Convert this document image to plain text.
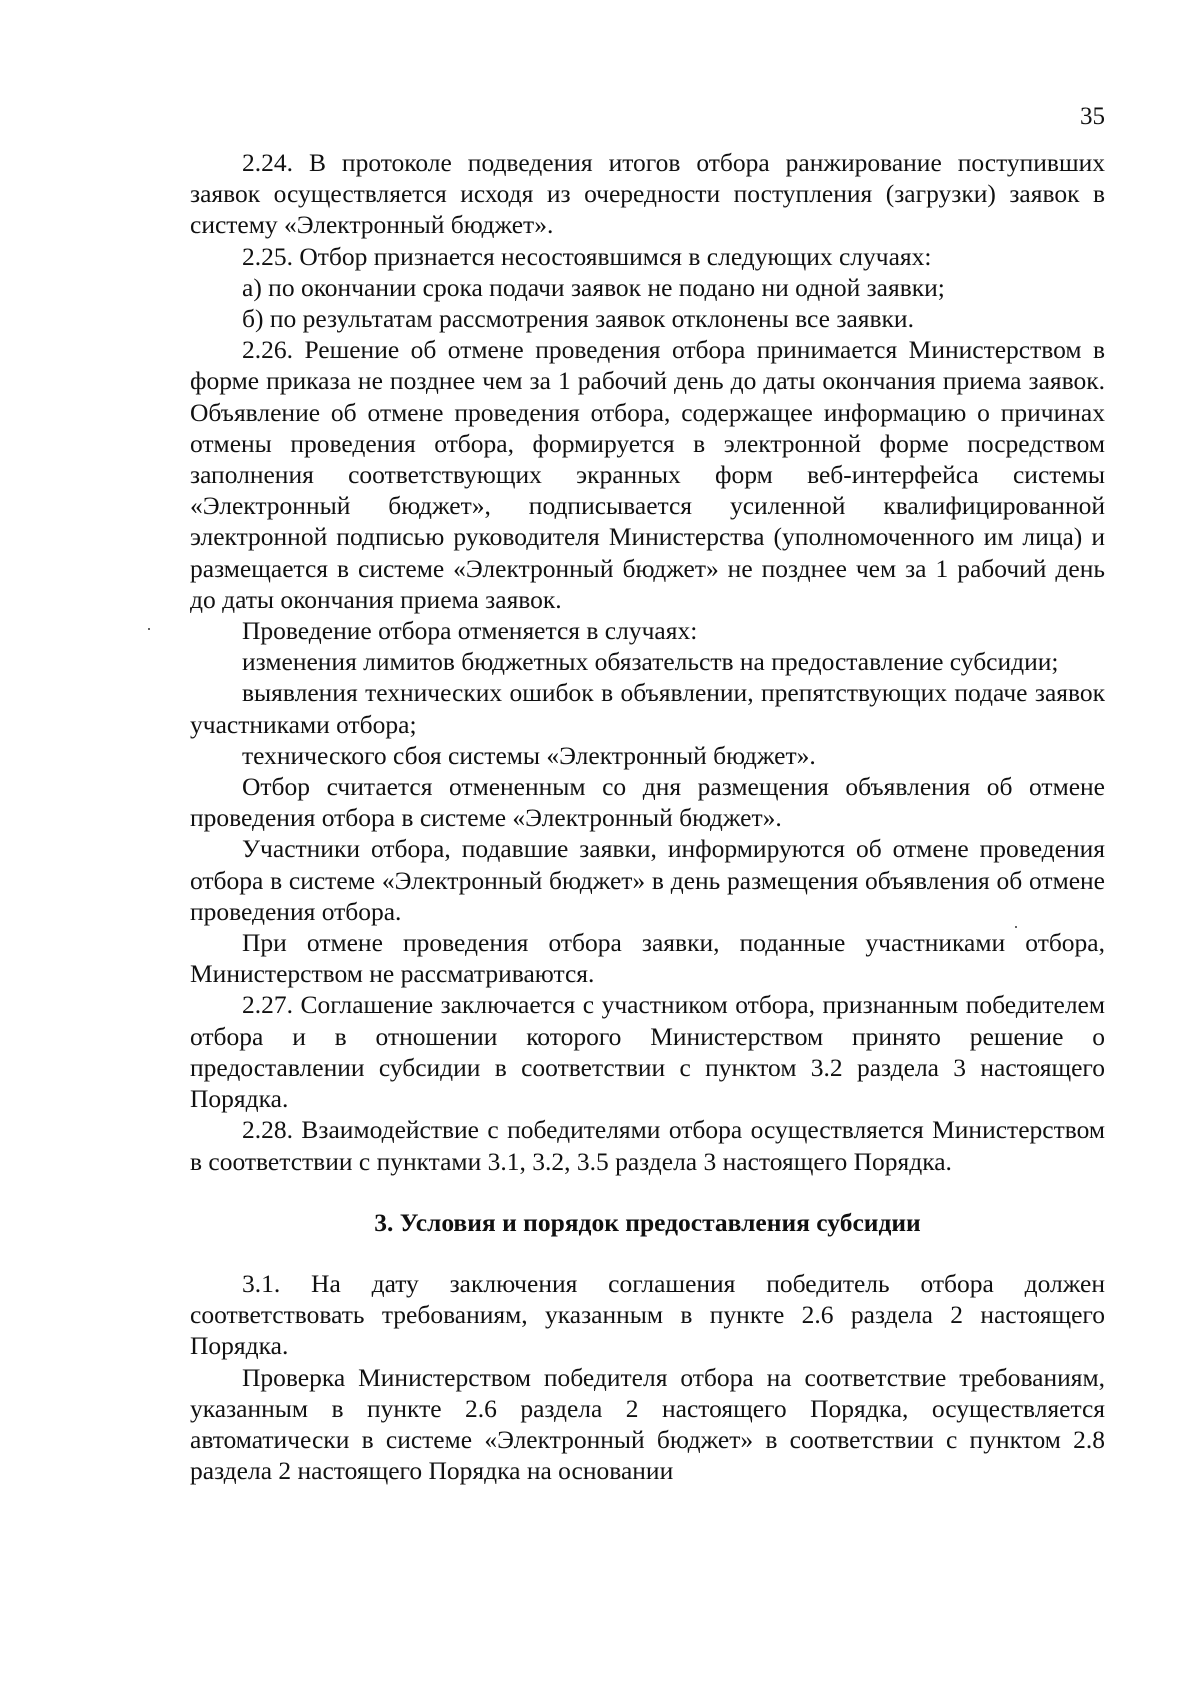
35

2.24. В протоколе подведения итогов отбора ранжирование поступивших заявок осуществляется исходя из очередности поступления (загрузки) заявок в систему «Электронный бюджет».

2.25. Отбор признается несостоявшимся в следующих случаях:

а) по окончании срока подачи заявок не подано ни одной заявки;

б) по результатам рассмотрения заявок отклонены все заявки.

2.26. Решение об отмене проведения отбора принимается Министерством в форме приказа не позднее чем за 1 рабочий день до даты окончания приема заявок. Объявление об отмене проведения отбора, содержащее информацию о причинах отмены проведения отбора, формируется в электронной форме посредством заполнения соответствующих экранных форм веб-интерфейса системы «Электронный бюджет», подписывается усиленной квалифицированной электронной подписью руководителя Министерства (уполномоченного им лица) и размещается в системе «Электронный бюджет» не позднее чем за 1 рабочий день до даты окончания приема заявок.

Проведение отбора отменяется в случаях:

изменения лимитов бюджетных обязательств на предоставление субсидии;

выявления технических ошибок в объявлении, препятствующих подаче заявок участниками отбора;

технического сбоя системы «Электронный бюджет».

Отбор считается отмененным со дня размещения объявления об отмене проведения отбора в системе «Электронный бюджет».

Участники отбора, подавшие заявки, информируются об отмене проведения отбора в системе «Электронный бюджет» в день размещения объявления об отмене проведения отбора.

При отмене проведения отбора заявки, поданные участниками отбора, Министерством не рассматриваются.

2.27. Соглашение заключается с участником отбора, признанным победителем отбора и в отношении которого Министерством принято решение о предоставлении субсидии в соответствии с пунктом 3.2 раздела 3 настоящего Порядка.

2.28. Взаимодействие с победителями отбора осуществляется Министерством в соответствии с пунктами 3.1, 3.2, 3.5 раздела 3 настоящего Порядка.

3. Условия и порядок предоставления субсидии

3.1. На дату заключения соглашения победитель отбора должен соответствовать требованиям, указанным в пункте 2.6 раздела 2 настоящего Порядка.

Проверка Министерством победителя отбора на соответствие требованиям, указанным в пункте 2.6 раздела 2 настоящего Порядка, осуществляется автоматически в системе «Электронный бюджет» в соответствии с пунктом 2.8 раздела 2 настоящего Порядка на основании
